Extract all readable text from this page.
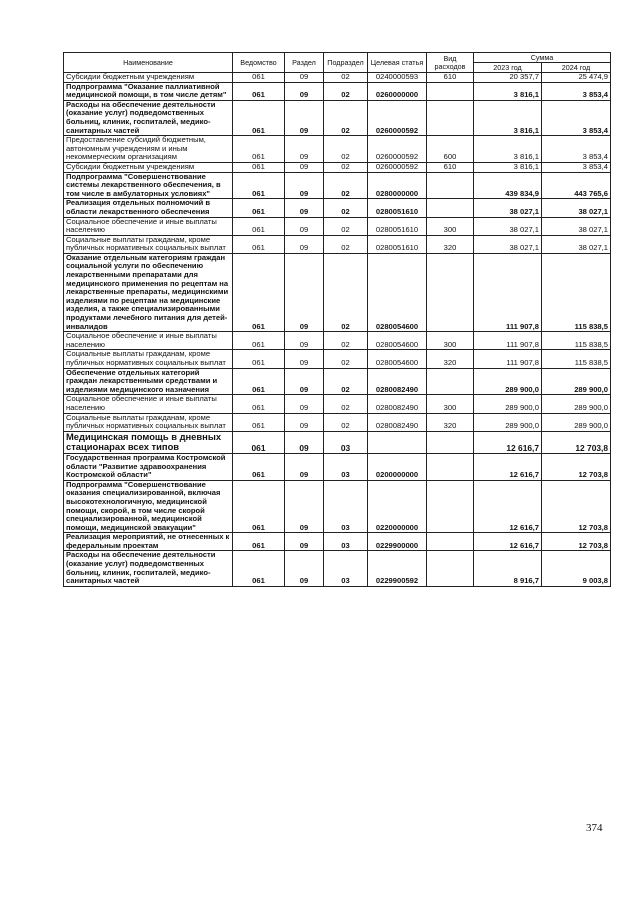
Наименование	Ведомство	Раздел	Подраздел	Целевая статья	Вид расходов	Сумма	
						2023 год	2024 год
Субсидии бюджетным учреждениям	061	09	02	0240000593	610	20 357,7	25 474,9
Подпрограмма "Оказание паллиативной медицинской помощи, в том числе детям"	061	09	02	0260000000		3 816,1	3 853,4
Расходы на обеспечение деятельности (оказание услуг) подведомственных больниц, клиник, госпиталей, медико-санитарных частей	061	09	02	0260000592		3 816,1	3 853,4
Предоставление субсидий бюджетным, автономным учреждениям и иным некоммерческим организациям	061	09	02	0260000592	600	3 816,1	3 853,4
Субсидии бюджетным учреждениям	061	09	02	0260000592	610	3 816,1	3 853,4
Подпрограмма "Совершенствование системы лекарственного обеспечения, в том числе в амбулаторных условиях"	061	09	02	0280000000		439 834,9	443 765,6
Реализация отдельных полномочий в области лекарственного обеспечения	061	09	02	0280051610		38 027,1	38 027,1
Социальное обеспечение и иные выплаты населению	061	09	02	0280051610	300	38 027,1	38 027,1
Социальные выплаты гражданам, кроме публичных нормативных социальных выплат	061	09	02	0280051610	320	38 027,1	38 027,1
Оказание отдельным категориям граждан социальной услуги по обеспечению лекарственными препаратами для медицинского применения по рецептам на лекарственные препараты, медицинскими изделиями по рецептам на медицинские изделия, а также специализированными продуктами лечебного питания для детей-инвалидов	061	09	02	0280054600		111 907,8	115 838,5
Социальное обеспечение и иные выплаты населению	061	09	02	0280054600	300	111 907,8	115 838,5
Социальные выплаты гражданам, кроме публичных нормативных социальных выплат	061	09	02	0280054600	320	111 907,8	115 838,5
Обеспечение отдельных категорий граждан лекарственными средствами и изделиями медицинского назначения	061	09	02	0280082490		289 900,0	289 900,0
Социальное обеспечение и иные выплаты населению	061	09	02	0280082490	300	289 900,0	289 900,0
Социальные выплаты гражданам, кроме публичных нормативных социальных выплат	061	09	02	0280082490	320	289 900,0	289 900,0
Медицинская помощь в дневных стационарах всех типов	061	09	03			12 616,7	12 703,8
Государственная программа Костромской области "Развитие здравоохранения Костромской области"	061	09	03	0200000000		12 616,7	12 703,8
Подпрограмма "Совершенствование оказания специализированной, включая высокотехнологичную, медицинской помощи, скорой, в том числе скорой специализированной, медицинской помощи, медицинской эвакуации"	061	09	03	0220000000		12 616,7	12 703,8
Реализация мероприятий, не отнесенных к федеральным проектам	061	09	03	0229900000		12 616,7	12 703,8
Расходы на обеспечение деятельности (оказание услуг) подведомственных больниц, клиник, госпиталей, медико-санитарных частей	061	09	03	0229900592		8 916,7	9 003,8
374
